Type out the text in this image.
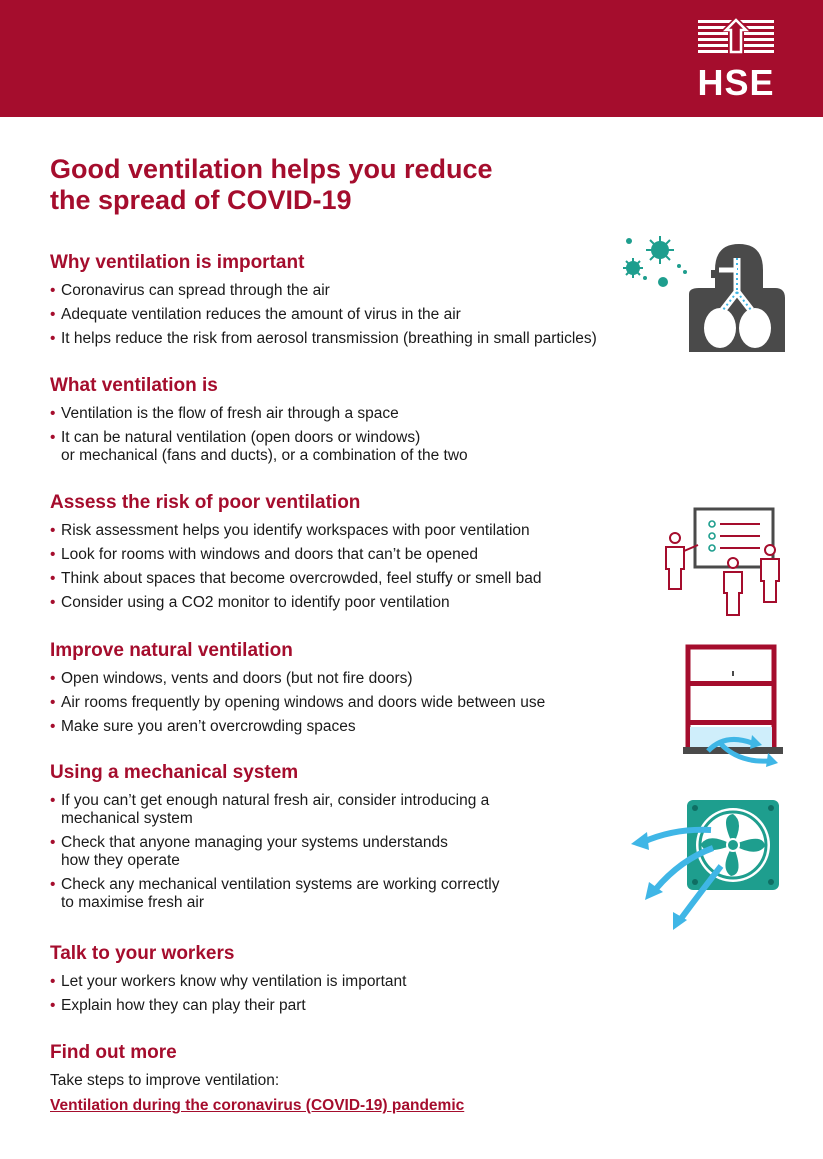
HSE
Good ventilation helps you reduce
the spread of COVID-19
Why ventilation is important
• Coronavirus can spread through the air
• Adequate ventilation reduces the amount of virus in the air
• It helps reduce the risk from aerosol transmission (breathing in small particles)
What ventilation is
• Ventilation is the flow of fresh air through a space
• It can be natural ventilation (open doors or windows)
or mechanical (fans and ducts), or a combination of the two
Assess the risk of poor ventilation
• Risk assessment helps you identify workspaces with poor ventilation
• Look for rooms with windows and doors that can’t be opened
• Think about spaces that become overcrowded, feel stuffy or smell bad
• Consider using a CO2 monitor to identify poor ventilation
Improve natural ventilation
• Open windows, vents and doors (but not fire doors)
• Air rooms frequently by opening windows and doors wide between use
• Make sure you aren’t overcrowding spaces
Using a mechanical system
• If you can’t get enough natural fresh air, consider introducing a
mechanical system
• Check that anyone managing your systems understands
how they operate
• Check any mechanical ventilation systems are working correctly
to maximise fresh air
Talk to your workers
• Let your workers know why ventilation is important
• Explain how they can play their part
Find out more

Take steps to improve ventilation:

Ventilation during the coronavirus (COVID-19) pandemic
